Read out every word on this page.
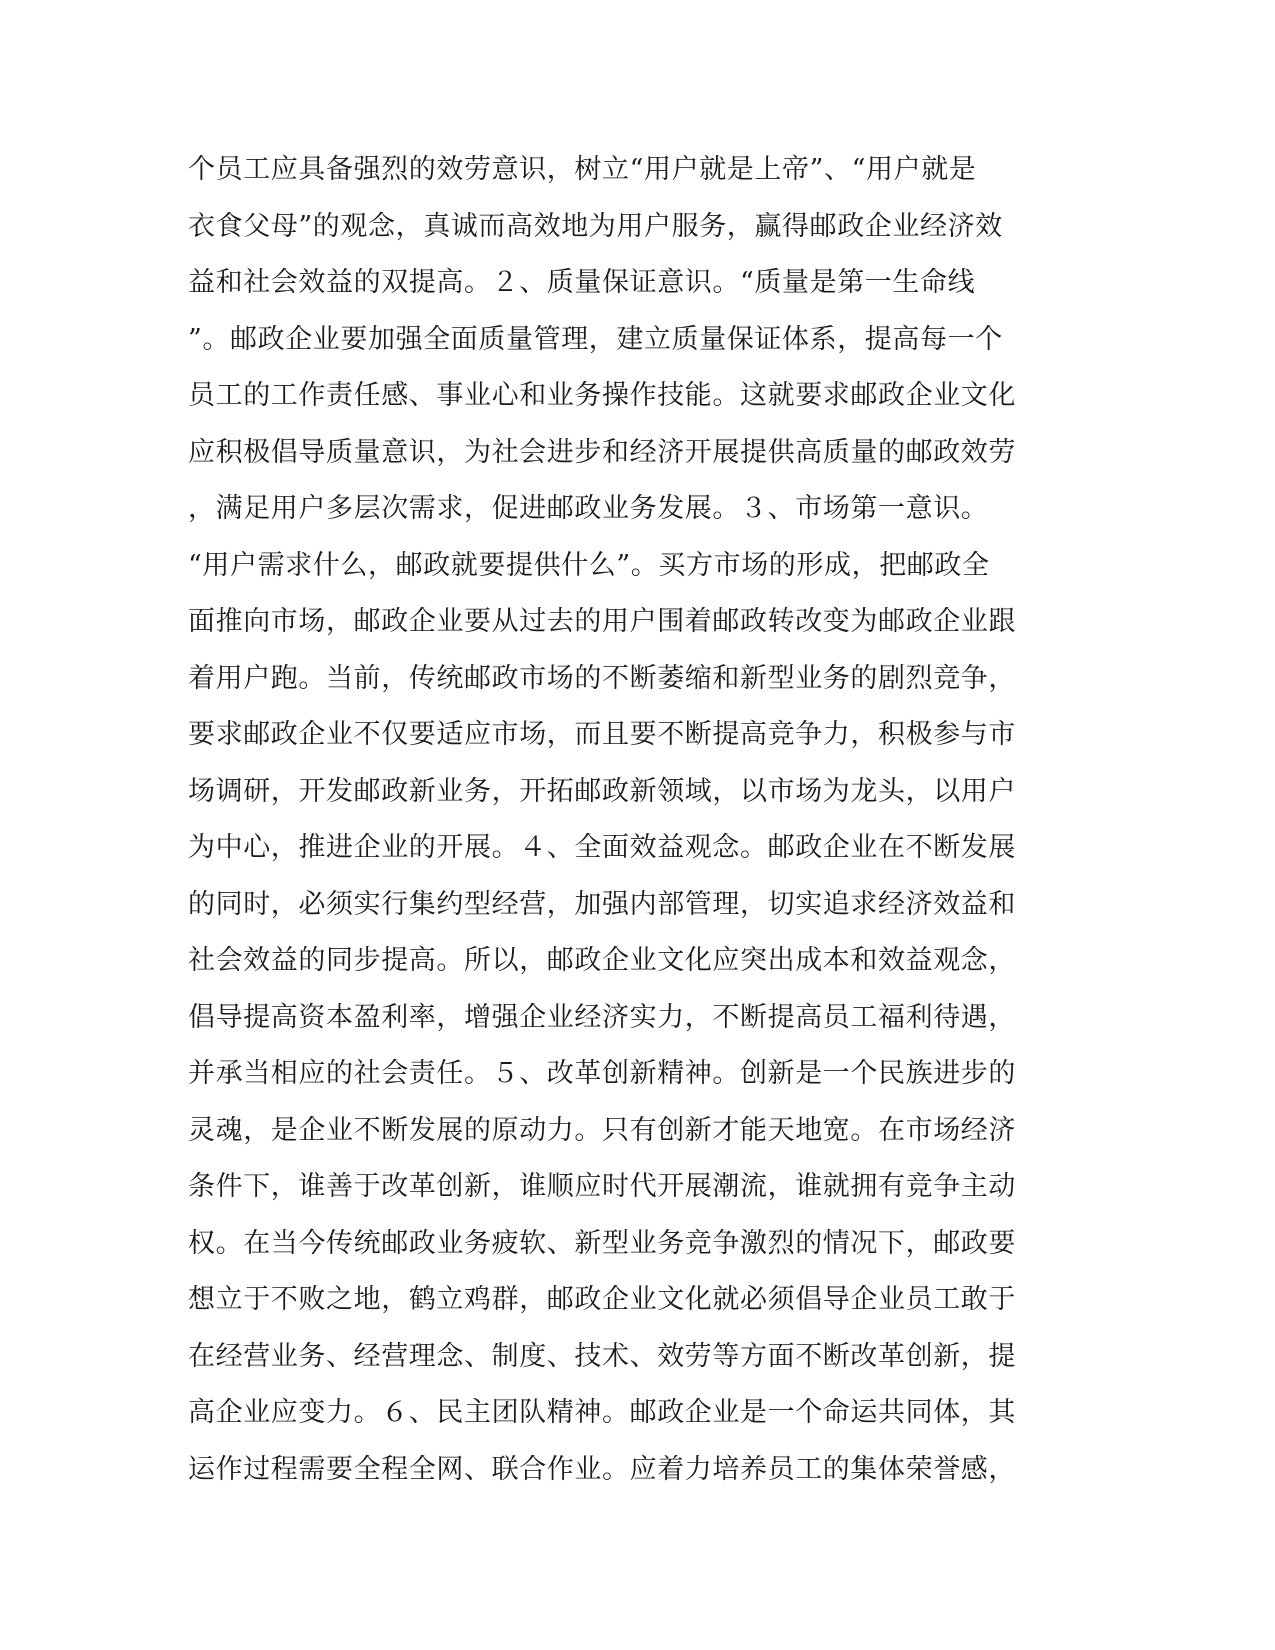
个员工应具备强烈的效劳意识，树立“用户就是上帝”、“用户就是
衣食父母”的观念，真诚而高效地为用户服务，赢得邮政企业经济效
益和社会效益的双提高。２、质量保证意识。“质量是第一生命线
”。邮政企业要加强全面质量管理，建立质量保证体系，提高每一个
员工的工作责任感、事业心和业务操作技能。这就要求邮政企业文化
应积极倡导质量意识，为社会进步和经济开展提供高质量的邮政效劳
，满足用户多层次需求，促进邮政业务发展。３、市场第一意识。
“用户需求什么，邮政就要提供什么”。买方市场的形成，把邮政全
面推向市场，邮政企业要从过去的用户围着邮政转改变为邮政企业跟
着用户跑。当前，传统邮政市场的不断萎缩和新型业务的剧烈竞争，
要求邮政企业不仅要适应市场，而且要不断提高竞争力，积极参与市
场调研，开发邮政新业务，开拓邮政新领域，以市场为龙头，以用户
为中心，推进企业的开展。４、全面效益观念。邮政企业在不断发展
的同时，必须实行集约型经营，加强内部管理，切实追求经济效益和
社会效益的同步提高。所以，邮政企业文化应突出成本和效益观念，
倡导提高资本盈利率，增强企业经济实力，不断提高员工福利待遇，
并承当相应的社会责任。５、改革创新精神。创新是一个民族进步的
灵魂，是企业不断发展的原动力。只有创新才能天地宽。在市场经济
条件下，谁善于改革创新，谁顺应时代开展潮流，谁就拥有竞争主动
权。在当今传统邮政业务疲软、新型业务竞争激烈的情况下，邮政要
想立于不败之地，鹤立鸡群，邮政企业文化就必须倡导企业员工敢于
在经营业务、经营理念、制度、技术、效劳等方面不断改革创新，提
高企业应变力。６、民主团队精神。邮政企业是一个命运共同体，其
运作过程需要全程全网、联合作业。应着力培养员工的集体荣誉感，
